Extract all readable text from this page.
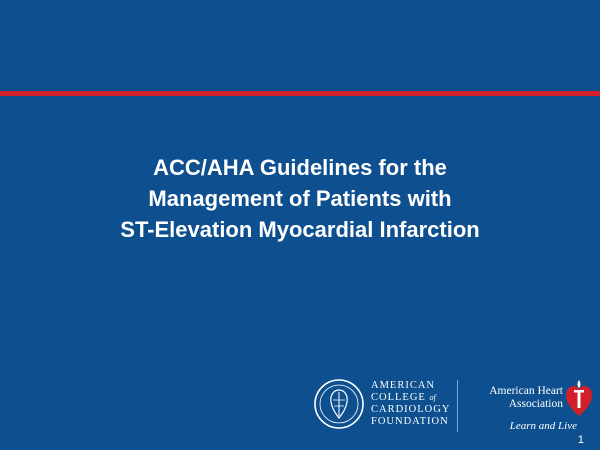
ACC/AHA Guidelines for the
Management of Patients with
ST-Elevation Myocardial Infarction
AMERICAN
COLLEGE of
CARDIOLOGY
FOUNDATION
American Heart
Association
Learn and Live
1
